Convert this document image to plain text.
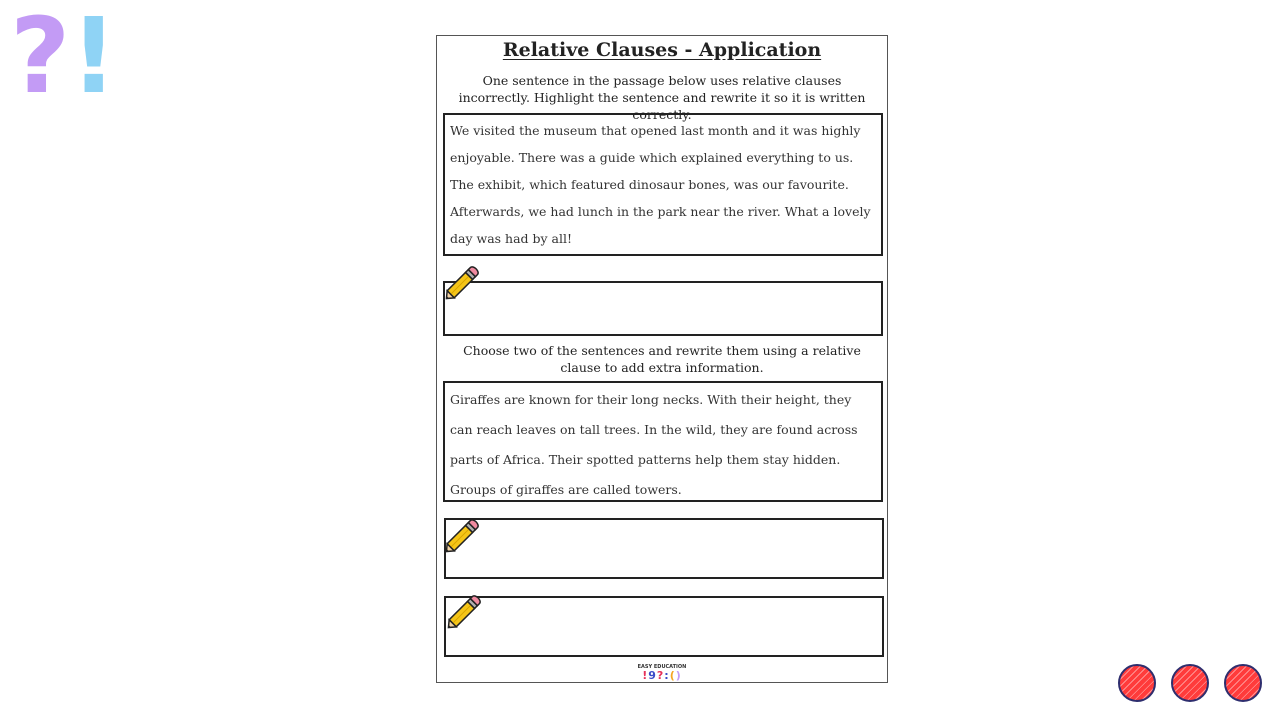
? !	Relative Clauses - Application
One sentence in the passage below uses relative clauses incorrectly. Highlight the sentence and rewrite it so it is written correctly.
We visited the museum that opened last month and it was highly enjoyable. There was a guide which explained everything to us. The exhibit, which featured dinosaur bones, was our favourite. Afterwards, we had lunch in the park near the river. What a lovely day was had by all!
Choose two of the sentences and rewrite them using a relative clause to add extra information.
Giraffes are known for their long necks. With their height, they can reach leaves on tall trees. In the wild, they are found across parts of Africa. Their spotted patterns help them stay hidden. Groups of giraffes are called towers.
EASY EDUCATION
!9?:()
